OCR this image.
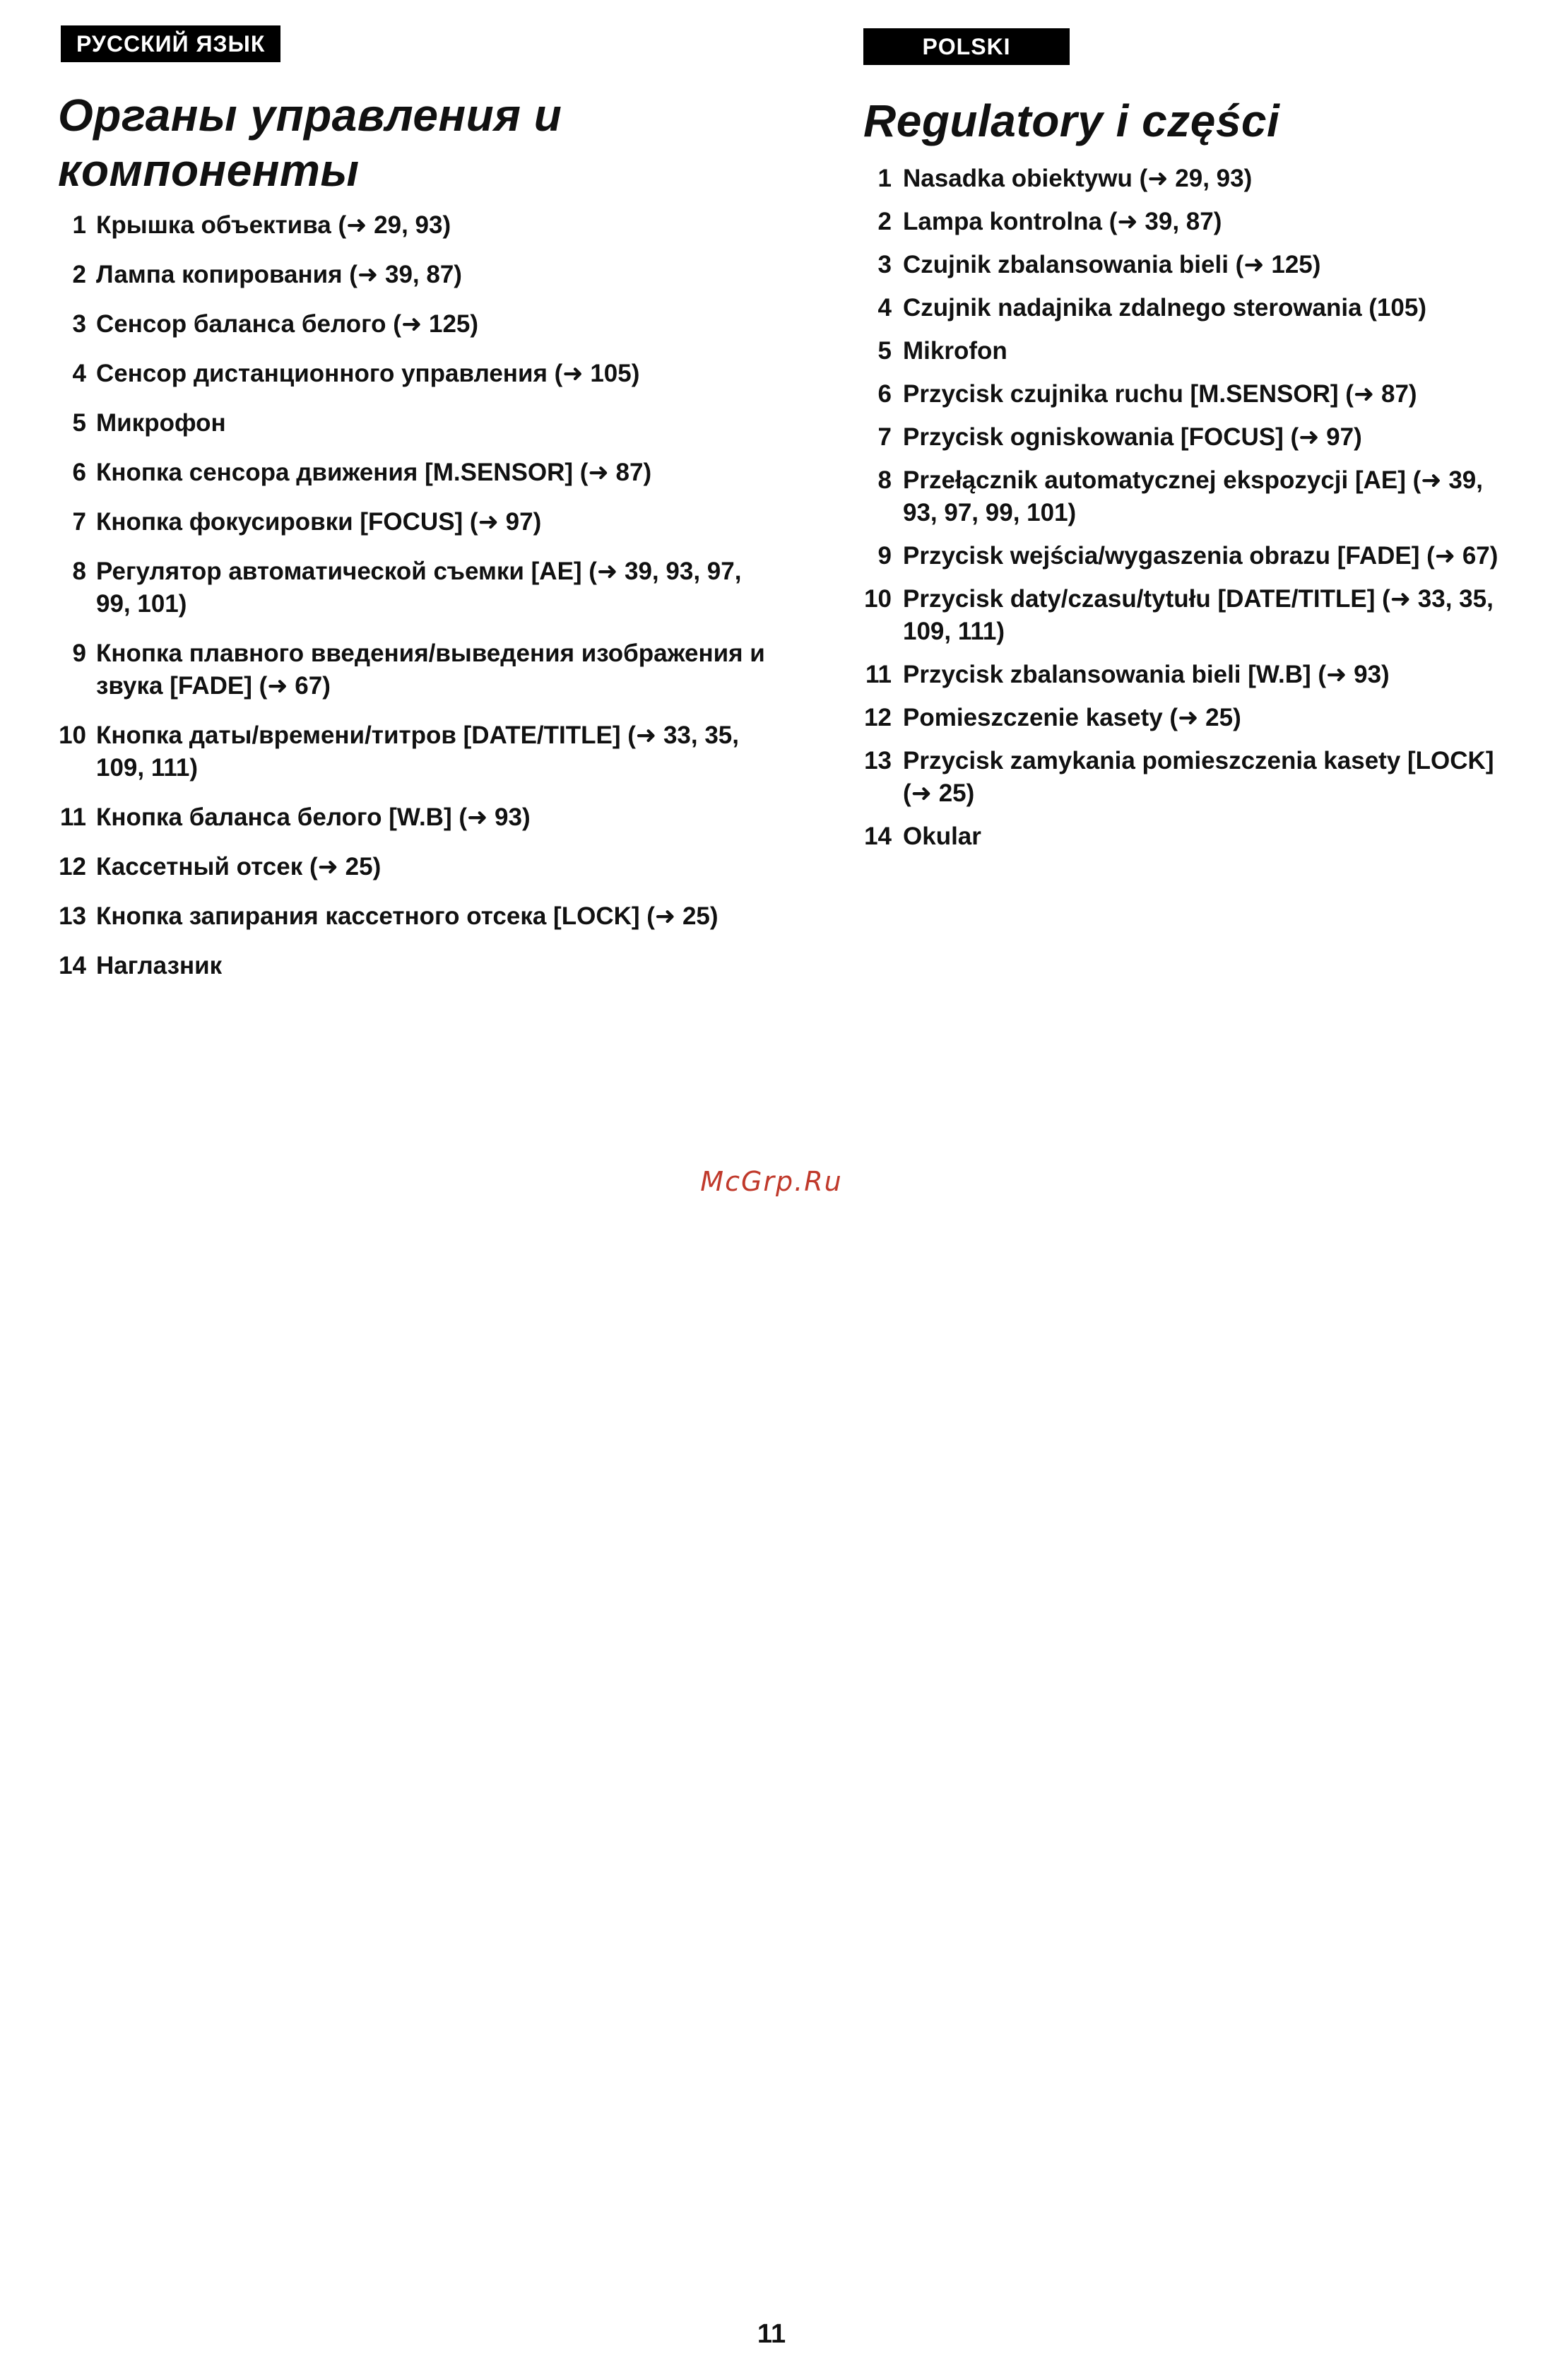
РУССКИЙ ЯЗЫК
Органы управления и компоненты
1 Крышка объектива (➜ 29, 93)
2 Лампа копирования (➜ 39, 87)
3 Сенсор баланса белого (➜ 125)
4 Сенсор дистанционного управления (➜ 105)
5 Микрофон
6 Кнопка сенсора движения [M.SENSOR] (➜ 87)
7 Кнопка фокусировки [FOCUS] (➜ 97)
8 Регулятор автоматической съемки [AE] (➜ 39, 93, 97, 99, 101)
9 Кнопка плавного введения/выведения изображения и звука [FADE] (➜ 67)
10 Кнопка даты/времени/титров [DATE/TITLE] (➜ 33, 35, 109, 111)
11 Кнопка баланса белого [W.B] (➜ 93)
12 Кассетный отсек (➜ 25)
13 Кнопка запирания кассетного отсека [LOCK] (➜ 25)
14 Наглазник
POLSKI
Regulatory i części
1 Nasadka obiektywu (➜ 29, 93)
2 Lampa kontrolna (➜ 39, 87)
3 Czujnik zbalansowania bieli (➜ 125)
4 Czujnik nadajnika zdalnego sterowania (105)
5 Mikrofon
6 Przycisk czujnika ruchu [M.SENSOR] (➜ 87)
7 Przycisk ogniskowania [FOCUS] (➜ 97)
8 Przełącznik automatycznej ekspozycji [AE] (➜ 39, 93, 97, 99, 101)
9 Przycisk wejścia/wygaszenia obrazu [FADE] (➜ 67)
10 Przycisk daty/czasu/tytułu [DATE/TITLE] (➜ 33, 35, 109, 111)
11 Przycisk zbalansowania bieli [W.B] (➜ 93)
12 Pomieszczenie kasety (➜ 25)
13 Przycisk zamykania pomieszczenia kasety [LOCK] (➜ 25)
14 Okular
McGrp.Ru
11
